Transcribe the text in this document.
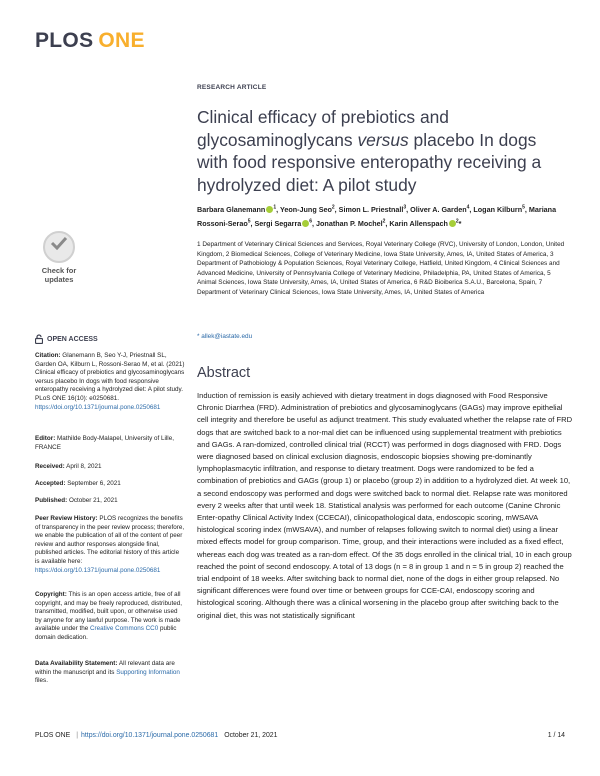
PLOS ONE
Check for
updates
OPEN ACCESS
Citation: Glanemann B, Seo Y-J, Priestnall SL, Garden OA, Kilburn L, Rossoni-Serao M, et al. (2021) Clinical efficacy of prebiotics and glycosaminoglycans versus placebo In dogs with food responsive enteropathy receiving a hydrolyzed diet: A pilot study. PLoS ONE 16(10): e0250681. https://doi.org/10.1371/journal.pone.0250681
Editor: Mathilde Body-Malapel, University of Lille, FRANCE
Received: April 8, 2021
Accepted: September 6, 2021
Published: October 21, 2021
Peer Review History: PLOS recognizes the benefits of transparency in the peer review process; therefore, we enable the publication of all of the content of peer review and author responses alongside final, published articles. The editorial history of this article is available here: https://doi.org/10.1371/journal.pone.0250681
Copyright: This is an open access article, free of all copyright, and may be freely reproduced, distributed, transmitted, modified, built upon, or otherwise used by anyone for any lawful purpose. The work is made available under the Creative Commons CC0 public domain dedication.
Data Availability Statement: All relevant data are within the manuscript and its Supporting Information files.
RESEARCH ARTICLE
Clinical efficacy of prebiotics and glycosaminoglycans versus placebo In dogs with food responsive enteropathy receiving a hydrolyzed diet: A pilot study
Barbara Glanemann $^1$, Yeon-Jung Seo$^2$, Simon L. Priestnall$^3$, Oliver A. Garden$^4$, Logan Kilburn$^5$, Mariana Rossoni-Serao$^5$, Sergi Segarra $^6$, Jonathan P. Mochel$^2$, Karin Allenspach $^2$*
1 Department of Veterinary Clinical Sciences and Services, Royal Veterinary College (RVC), University of London, London, United Kingdom, 2 Biomedical Sciences, College of Veterinary Medicine, Iowa State University, Ames, IA, United States of America, 3 Department of Pathobiology & Population Sciences, Royal Veterinary College, Hatfield, United Kingdom, 4 Clinical Sciences and Advanced Medicine, University of Pennsylvania College of Veterinary Medicine, Philadelphia, PA, United States of America, 5 Animal Sciences, Iowa State University, Ames, IA, United States of America, 6 R&D Bioiberica S.A.U., Barcelona, Spain, 7 Department of Veterinary Clinical Sciences, Iowa State University, Ames, IA, United States of America
* allek@iastate.edu
Abstract
Induction of remission is easily achieved with dietary treatment in dogs diagnosed with Food Responsive Chronic Diarrhea (FRD). Administration of prebiotics and glycosaminoglycans (GAGs) may improve epithelial cell integrity and therefore be useful as adjunct treatment. This study evaluated whether the relapse rate of FRD dogs that are switched back to a nor-mal diet can be influenced using supplemental treatment with prebiotics and GAGs. A ran-domized, controlled clinical trial (RCCT) was performed in dogs diagnosed with FRD. Dogs were diagnosed based on clinical exclusion diagnosis, endoscopic biopsies showing pre-dominantly lymphoplasmacytic infiltration, and response to dietary treatment. Dogs were randomized to be fed a combination of prebiotics and GAGs (group 1) or placebo (group 2) in addition to a hydrolyzed diet. At week 10, a second endoscopy was performed and dogs were switched back to normal diet. Relapse rate was monitored every 2 weeks after that until week 18. Statistical analysis was performed for each outcome (Canine Chronic Enter-opathy Clinical Activity Index (CCECAI), clinicopathological data, endoscopic scoring, mWSAVA histological scoring index (mWSAVA), and number of relapses following switch to normal diet) using a linear mixed effects model for group comparison. Time, group, and their interactions were included as a fixed effect, whereas each dog was treated as a ran-dom effect. Of the 35 dogs enrolled in the clinical trial, 10 in each group reached the point of second endoscopy. A total of 13 dogs (n = 8 in group 1 and n = 5 in group 2) reached the trial endpoint of 18 weeks. After switching back to normal diet, none of the dogs in either group relapsed. No significant differences were found over time or between groups for CCE-CAI, endoscopy scoring and histological scoring. Although there was a clinical worsening in the placebo group after switching back to the original diet, this was not statistically significant
PLOS ONE | https://doi.org/10.1371/journal.pone.0250681 October 21, 2021	1 / 14
